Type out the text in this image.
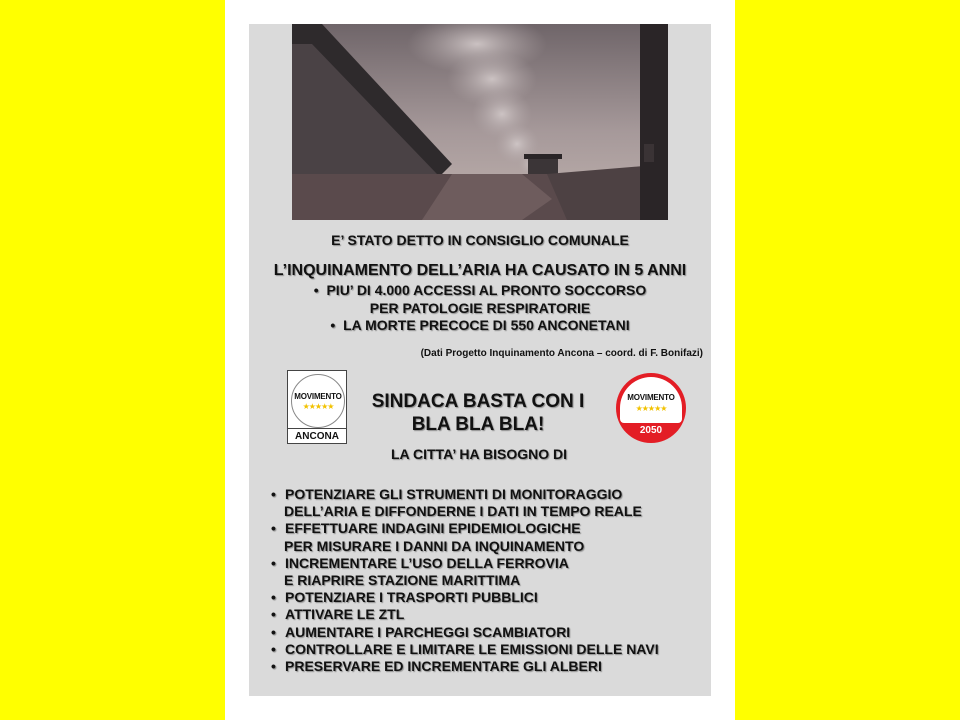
E’ STATO DETTO IN CONSIGLIO COMUNALE
L’INQUINAMENTO DELL’ARIA HA CAUSATO IN 5 ANNI
• PIU’ DI 4.000 ACCESSI AL PRONTO SOCCORSO
PER PATOLOGIE RESPIRATORIE
• LA MORTE PRECOCE DI 550 ANCONETANI
(Dati Progetto Inquinamento Ancona – coord. di F. Bonifazi)
MOVIMENTO
★★★★★
ANCONA
SINDACA BASTA CON I
BLA BLA BLA!
LA CITTA’ HA BISOGNO DI
MOVIMENTO
★★★★★
2050
• POTENZIARE GLI STRUMENTI DI MONITORAGGIO
DELL’ARIA E DIFFONDERNE I DATI IN TEMPO REALE
• EFFETTUARE INDAGINI EPIDEMIOLOGICHE
PER MISURARE I DANNI DA INQUINAMENTO
• INCREMENTARE L’USO DELLA FERROVIA
E RIAPRIRE STAZIONE MARITTIMA
• POTENZIARE I TRASPORTI PUBBLICI
• ATTIVARE LE ZTL
• AUMENTARE I PARCHEGGI SCAMBIATORI
• CONTROLLARE E LIMITARE LE EMISSIONI DELLE NAVI
• PRESERVARE ED INCREMENTARE GLI ALBERI
